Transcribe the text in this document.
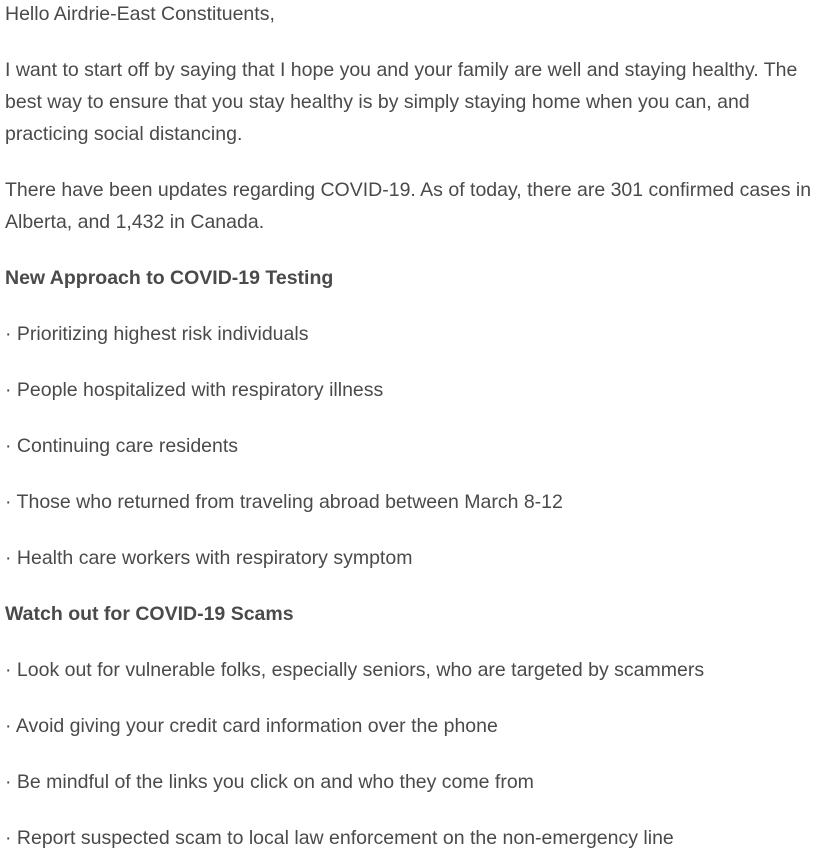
Hello Airdrie-East Constituents,

I want to start off by saying that I hope you and your family are well and staying healthy. The best way to ensure that you stay healthy is by simply staying home when you can, and practicing social distancing.

There have been updates regarding COVID-19. As of today, there are 301 confirmed cases in Alberta, and 1,432 in Canada.

New Approach to COVID-19 Testing

· Prioritizing highest risk individuals

· People hospitalized with respiratory illness

· Continuing care residents

· Those who returned from traveling abroad between March 8-12

· Health care workers with respiratory symptom

Watch out for COVID-19 Scams

· Look out for vulnerable folks, especially seniors, who are targeted by scammers

· Avoid giving your credit card information over the phone

· Be mindful of the links you click on and who they come from

· Report suspected scam to local law enforcement on the non-emergency line
